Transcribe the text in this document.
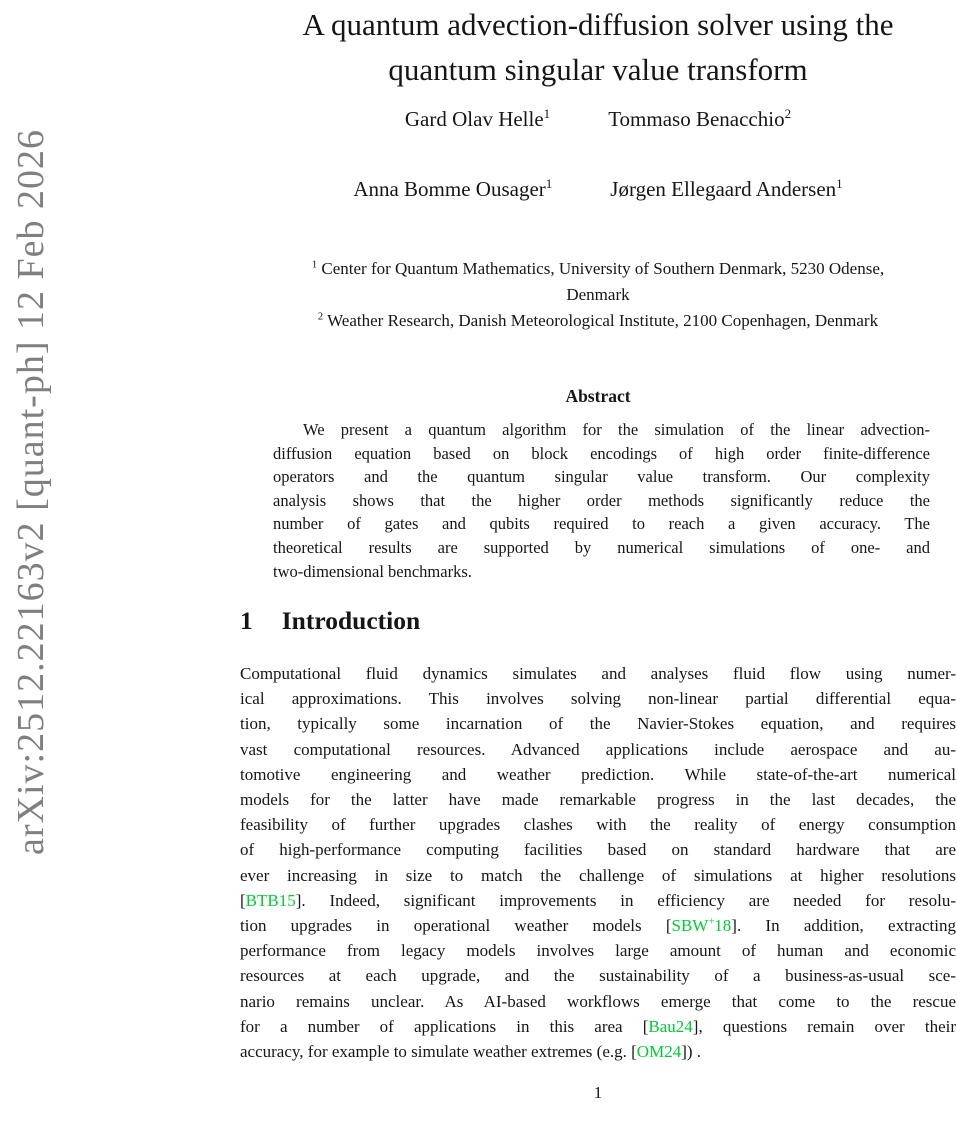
arXiv:2512.22163v2 [quant-ph] 12 Feb 2026
A quantum advection-diffusion solver using the
quantum singular value transform
Gard Olav Helle$^1$	Tommaso Benacchio$^2$
Anna Bomme Ousager$^1$	Jørgen Ellegaard Andersen$^1$
$^1$ Center for Quantum Mathematics, University of Southern Denmark, 5230 Odense,
Denmark
$^2$ Weather Research, Danish Meteorological Institute, 2100 Copenhagen, Denmark
Abstract
We present a quantum algorithm for the simulation of the linear advection-
diffusion equation based on block encodings of high order finite-difference
operators and the quantum singular value transform. Our complexity
analysis shows that the higher order methods significantly reduce the
number of gates and qubits required to reach a given accuracy. The
theoretical results are supported by numerical simulations of one- and
two-dimensional benchmarks.
1 Introduction
Computational fluid dynamics simulates and analyses fluid flow using numer-
ical approximations. This involves solving non-linear partial differential equa-
tion, typically some incarnation of the Navier-Stokes equation, and requires
vast computational resources. Advanced applications include aerospace and au-
tomotive engineering and weather prediction. While state-of-the-art numerical
models for the latter have made remarkable progress in the last decades, the
feasibility of further upgrades clashes with the reality of energy consumption
of high-performance computing facilities based on standard hardware that are
ever increasing in size to match the challenge of simulations at higher resolutions
[BTB15]. Indeed, significant improvements in efficiency are needed for resolu-
tion upgrades in operational weather models [SBW+18]. In addition, extracting
performance from legacy models involves large amount of human and economic
resources at each upgrade, and the sustainability of a business-as-usual sce-
nario remains unclear. As AI-based workflows emerge that come to the rescue
for a number of applications in this area [Bau24], questions remain over their
accuracy, for example to simulate weather extremes (e.g. [OM24]) .
1
